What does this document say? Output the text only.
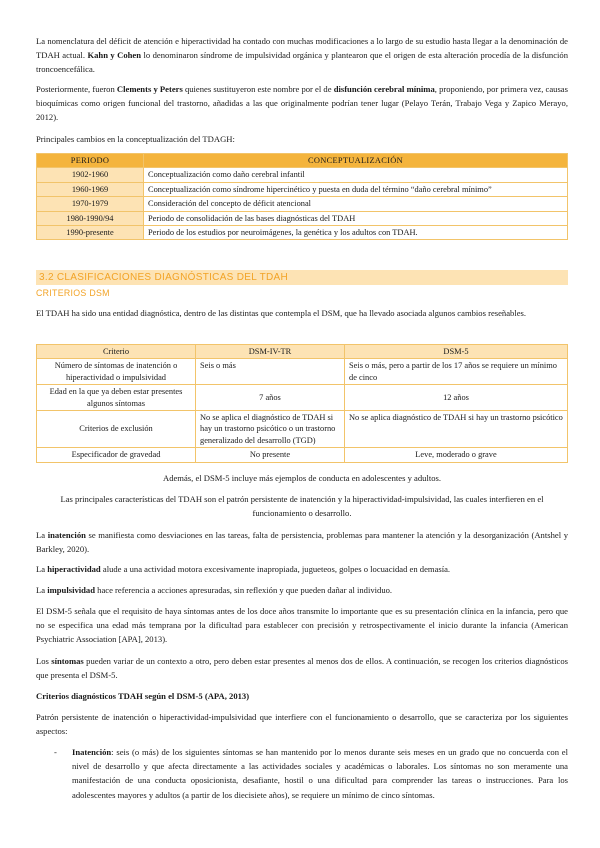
La nomenclatura del déficit de atención e hiperactividad ha contado con muchas modificaciones a lo largo de su estudio hasta llegar a la denominación de TDAH actual. Kahn y Cohen lo denominaron síndrome de impulsividad orgánica y plantearon que el origen de esta alteración procedía de la disfunción troncoencefálica.

Posteriormente, fueron Clements y Peters quienes sustituyeron este nombre por el de disfunción cerebral mínima, proponiendo, por primera vez, causas bioquímicas como origen funcional del trastorno, añadidas a las que originalmente podrían tener lugar (Pelayo Terán, Trabajo Vega y Zapico Merayo, 2012).

Principales cambios en la conceptualización del TDAGH:

PERIODO	CONCEPTUALIZACIÓN
1902-1960	Conceptualización como daño cerebral infantil
1960-1969	Conceptualización como síndrome hipercinético y puesta en duda del término “daño cerebral mínimo”
1970-1979	Consideración del concepto de déficit atencional
1980-1990/94	Periodo de consolidación de las bases diagnósticas del TDAH
1990-presente	Periodo de los estudios por neuroimágenes, la genética y los adultos con TDAH.

3.2 CLASIFICACIONES DIAGNÓSTICAS DEL TDAH

CRITERIOS DSM

El TDAH ha sido una entidad diagnóstica, dentro de las distintas que contempla el DSM, que ha llevado asociada algunos cambios reseñables.

Criterio	DSM-IV-TR	DSM-5
Número de síntomas de inatención o hiperactividad o impulsividad	Seis o más	Seis o más, pero a partir de los 17 años se requiere un mínimo de cinco
Edad en la que ya deben estar presentes algunos síntomas	7 años	12 años
Criterios de exclusión	No se aplica el diagnóstico de TDAH si hay un trastorno psicótico o un trastorno generalizado del desarrollo (TGD)	No se aplica diagnóstico de TDAH si hay un trastorno psicótico
Especificador de gravedad	No presente	Leve, moderado o grave

Además, el DSM-5 incluye más ejemplos de conducta en adolescentes y adultos.

Las principales características del TDAH son el patrón persistente de inatención y la hiperactividad-impulsividad, las cuales interfieren en el funcionamiento o desarrollo.

La inatención se manifiesta como desviaciones en las tareas, falta de persistencia, problemas para mantener la atención y la desorganización (Antshel y Barkley, 2020).

La hiperactividad alude a una actividad motora excesivamente inapropiada, jugueteos, golpes o locuacidad en demasía.

La impulsividad hace referencia a acciones apresuradas, sin reflexión y que pueden dañar al individuo.

El DSM-5 señala que el requisito de haya síntomas antes de los doce años transmite lo importante que es su presentación clínica en la infancia, pero que no se especifica una edad más temprana por la dificultad para establecer con precisión y retrospectivamente el inicio durante la infancia (American Psychiatric Association [APA], 2013).

Los síntomas pueden variar de un contexto a otro, pero deben estar presentes al menos dos de ellos. A continuación, se recogen los criterios diagnósticos que presenta el DSM-5.

Criterios diagnósticos TDAH según el DSM-5 (APA, 2013)

Patrón persistente de inatención o hiperactividad-impulsividad que interfiere con el funcionamiento o desarrollo, que se caracteriza por los siguientes aspectos:

- Inatención: seis (o más) de los siguientes síntomas se han mantenido por lo menos durante seis meses en un grado que no concuerda con el nivel de desarrollo y que afecta directamente a las actividades sociales y académicas o laborales. Los síntomas no son meramente una manifestación de una conducta oposicionista, desafiante, hostil o una dificultad para comprender las tareas o instrucciones. Para los adolescentes mayores y adultos (a partir de los diecisiete años), se requiere un mínimo de cinco síntomas.
